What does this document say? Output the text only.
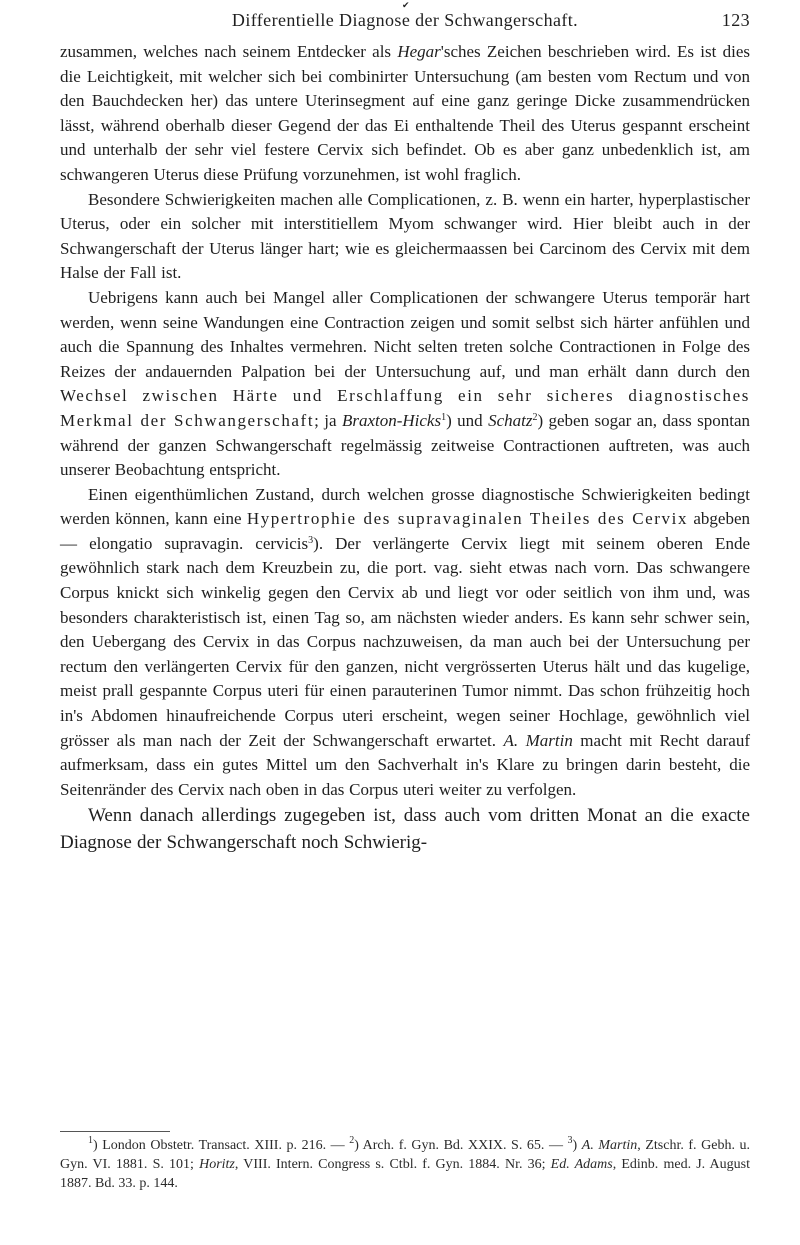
✔
Differentielle Diagnose der Schwangerschaft.	123

zusammen, welches nach seinem Entdecker als Hegar'sches Zeichen beschrieben wird. Es ist dies die Leichtigkeit, mit welcher sich bei combinirter Untersuchung (am besten vom Rectum und von den Bauchdecken her) das untere Uterinsegment auf eine ganz geringe Dicke zusammendrücken lässt, während oberhalb dieser Gegend der das Ei enthaltende Theil des Uterus gespannt erscheint und unterhalb der sehr viel festere Cervix sich befindet. Ob es aber ganz unbedenklich ist, am schwangeren Uterus diese Prüfung vorzunehmen, ist wohl fraglich.

Besondere Schwierigkeiten machen alle Complicationen, z. B. wenn ein harter, hyperplastischer Uterus, oder ein solcher mit interstitiellem Myom schwanger wird. Hier bleibt auch in der Schwangerschaft der Uterus länger hart; wie es gleichermaassen bei Carcinom des Cervix mit dem Halse der Fall ist.

Uebrigens kann auch bei Mangel aller Complicationen der schwangere Uterus temporär hart werden, wenn seine Wandungen eine Contraction zeigen und somit selbst sich härter anfühlen und auch die Spannung des Inhaltes vermehren. Nicht selten treten solche Contractionen in Folge des Reizes der andauernden Palpation bei der Untersuchung auf, und man erhält dann durch den Wechsel zwischen Härte und Erschlaffung ein sehr sicheres diagnostisches Merkmal der Schwangerschaft; ja Braxton-Hicks$^1$) und Schatz$^2$) geben sogar an, dass spontan während der ganzen Schwangerschaft regelmässig zeitweise Contractionen auftreten, was auch unserer Beobachtung entspricht.

Einen eigenthümlichen Zustand, durch welchen grosse diagnostische Schwierigkeiten bedingt werden können, kann eine Hypertrophie des supravaginalen Theiles des Cervix abgeben — elongatio supravagin. cervicis$^3$). Der verlängerte Cervix liegt mit seinem oberen Ende gewöhnlich stark nach dem Kreuzbein zu, die port. vag. sieht etwas nach vorn. Das schwangere Corpus knickt sich winkelig gegen den Cervix ab und liegt vor oder seitlich von ihm und, was besonders charakteristisch ist, einen Tag so, am nächsten wieder anders. Es kann sehr schwer sein, den Uebergang des Cervix in das Corpus nachzuweisen, da man auch bei der Untersuchung per rectum den verlängerten Cervix für den ganzen, nicht vergrösserten Uterus hält und das kugelige, meist prall gespannte Corpus uteri für einen parauterinen Tumor nimmt. Das schon frühzeitig hoch in's Abdomen hinaufreichende Corpus uteri erscheint, wegen seiner Hochlage, gewöhnlich viel grösser als man nach der Zeit der Schwangerschaft erwartet. A. Martin macht mit Recht darauf aufmerksam, dass ein gutes Mittel um den Sachverhalt in's Klare zu bringen darin besteht, die Seitenränder des Cervix nach oben in das Corpus uteri weiter zu verfolgen.

Wenn danach allerdings zugegeben ist, dass auch vom dritten Monat an die exacte Diagnose der Schwangerschaft noch Schwierig-

$^1$) London Obstetr. Transact. XIII. p. 216. — $^2$) Arch. f. Gyn. Bd. XXIX. S. 65. — $^3$) A. Martin, Ztschr. f. Gebh. u. Gyn. VI. 1881. S. 101; Horitz, VIII. Intern. Congress s. Ctbl. f. Gyn. 1884. Nr. 36; Ed. Adams, Edinb. med. J. August 1887. Bd. 33. p. 144.
